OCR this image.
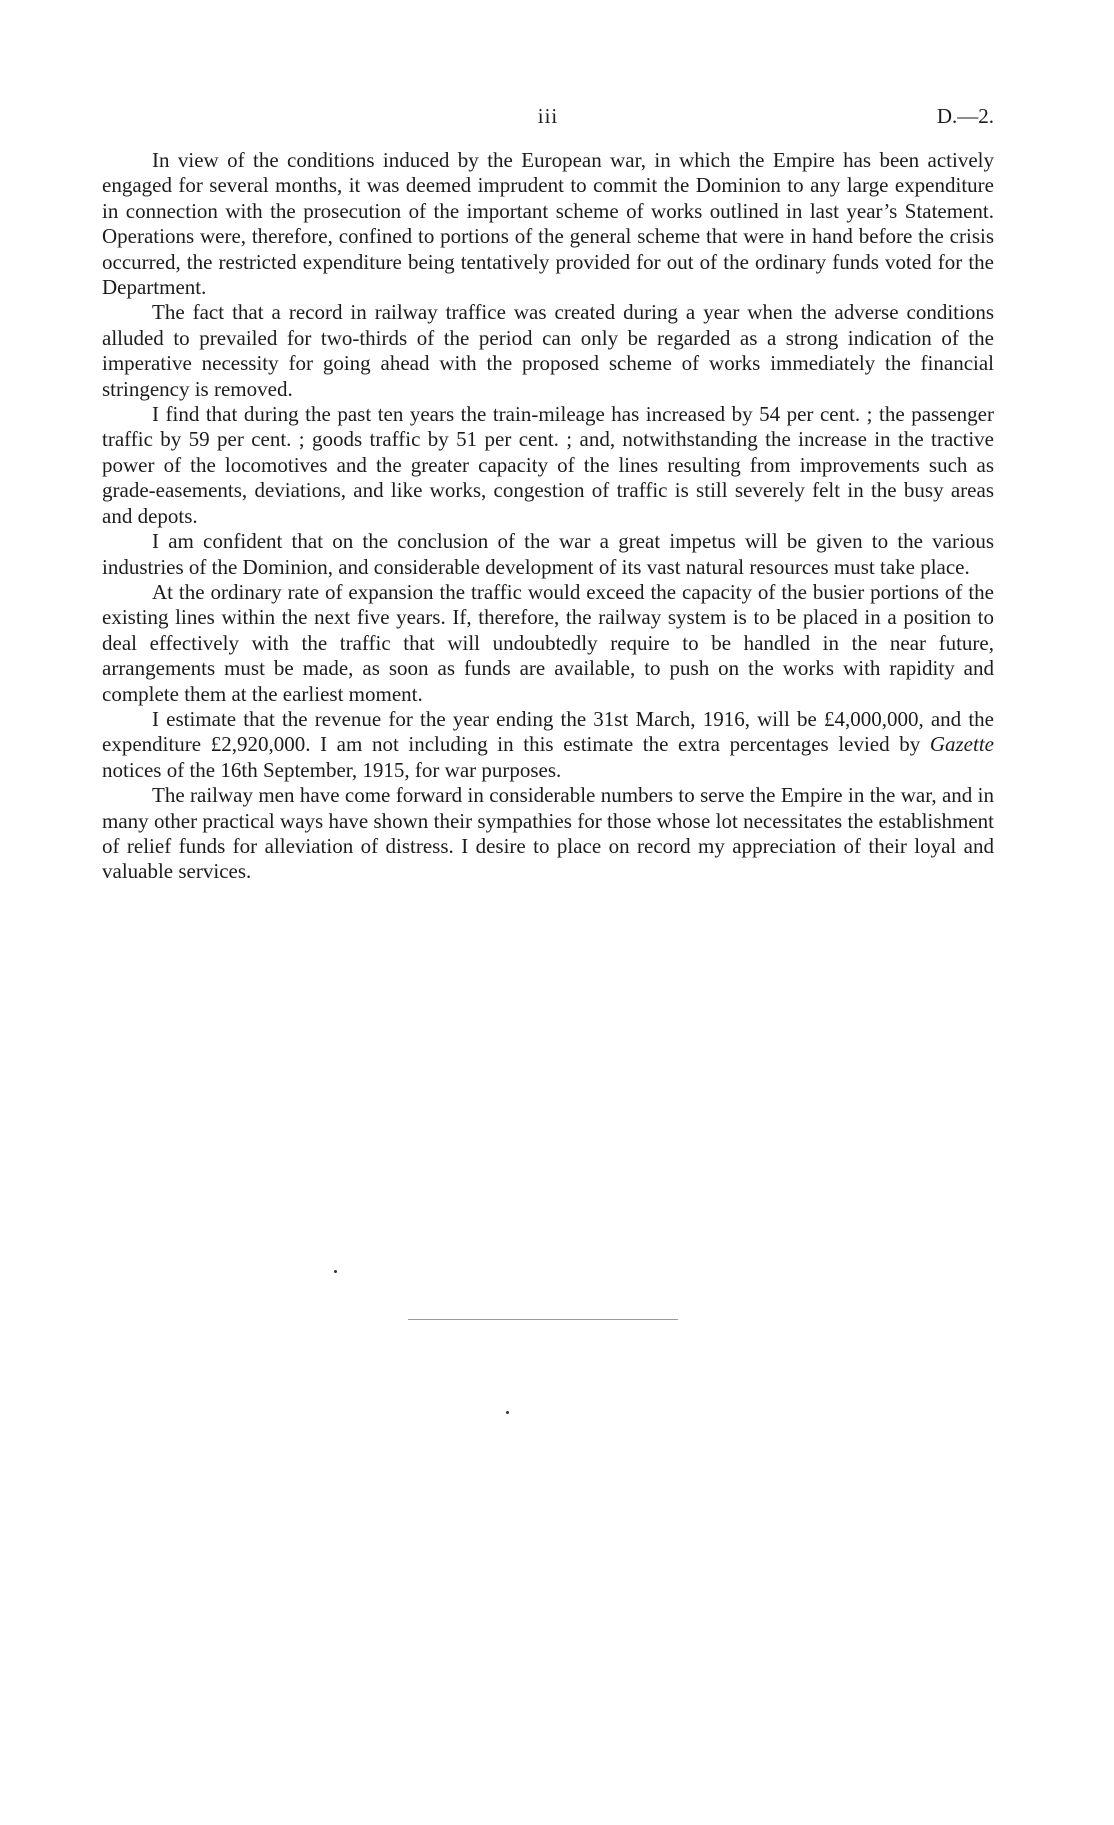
iii	D.—2.

In view of the conditions induced by the European war, in which the Empire has been actively engaged for several months, it was deemed imprudent to commit the Dominion to any large expenditure in connection with the prosecution of the important scheme of works outlined in last year’s Statement. Operations were, therefore, confined to portions of the general scheme that were in hand before the crisis occurred, the restricted expenditure being tentatively provided for out of the ordinary funds voted for the Department.

The fact that a record in railway traffice was created during a year when the adverse conditions alluded to prevailed for two-thirds of the period can only be regarded as a strong indication of the imperative necessity for going ahead with the proposed scheme of works immediately the financial stringency is removed.

I find that during the past ten years the train-mileage has increased by 54 per cent. ; the passenger traffic by 59 per cent. ; goods traffic by 51 per cent. ; and, notwithstanding the increase in the tractive power of the locomotives and the greater capacity of the lines resulting from improvements such as grade-easements, deviations, and like works, congestion of traffic is still severely felt in the busy areas and depots.

I am confident that on the conclusion of the war a great impetus will be given to the various industries of the Dominion, and considerable development of its vast natural resources must take place.

At the ordinary rate of expansion the traffic would exceed the capacity of the busier portions of the existing lines within the next five years. If, therefore, the railway system is to be placed in a position to deal effectively with the traffic that will undoubtedly require to be handled in the near future, arrangements must be made, as soon as funds are available, to push on the works with rapidity and complete them at the earliest moment.

I estimate that the revenue for the year ending the 31st March, 1916, will be £4,000,000, and the expenditure £2,920,000. I am not including in this estimate the extra percentages levied by Gazette notices of the 16th September, 1915, for war purposes.

The railway men have come forward in considerable numbers to serve the Empire in the war, and in many other practical ways have shown their sympathies for those whose lot necessitates the establishment of relief funds for alleviation of distress. I desire to place on record my appreciation of their loyal and valuable services.
